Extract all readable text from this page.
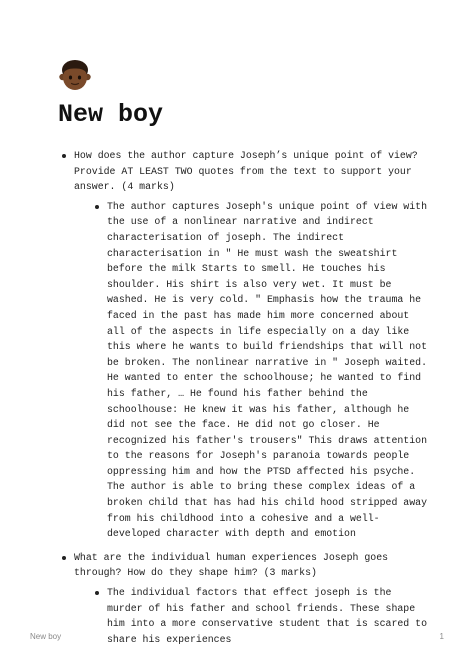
New boy
How does the author capture Joseph’s unique point of view? Provide AT LEAST TWO quotes from the text to support your answer. (4 marks)
The author captures Joseph's unique point of view with the use of a nonlinear narrative and indirect characterisation of joseph. The indirect characterisation in " He must wash the sweatshirt before the milk Starts to smell. He touches his shoulder. His shirt is also very wet. It must be washed. He is very cold. " Emphasis how the trauma he faced in the past has made him more concerned about all of the aspects in life especially on a day like this where he wants to build friendships that will not be broken. The nonlinear narrative in " Joseph waited. He wanted to enter the schoolhouse; he wanted to find his father, … He found his father behind the schoolhouse: He knew it was his father, although he did not see the face. He did not go closer. He recognized his father's trousers" This draws attention to the reasons for Joseph's paranoia towards people oppressing him and how the PTSD affected his psyche. The author is able to bring these complex ideas of a broken child that has had his child hood stripped away from his childhood into a cohesive and a well-developed character with depth and emotion
What are the individual human experiences Joseph goes through? How do they shape him? (3 marks)
The individual factors that effect joseph is the murder of his father and school friends. These shape him into a more conservative student that is scared to share his experiences
New boy	1
